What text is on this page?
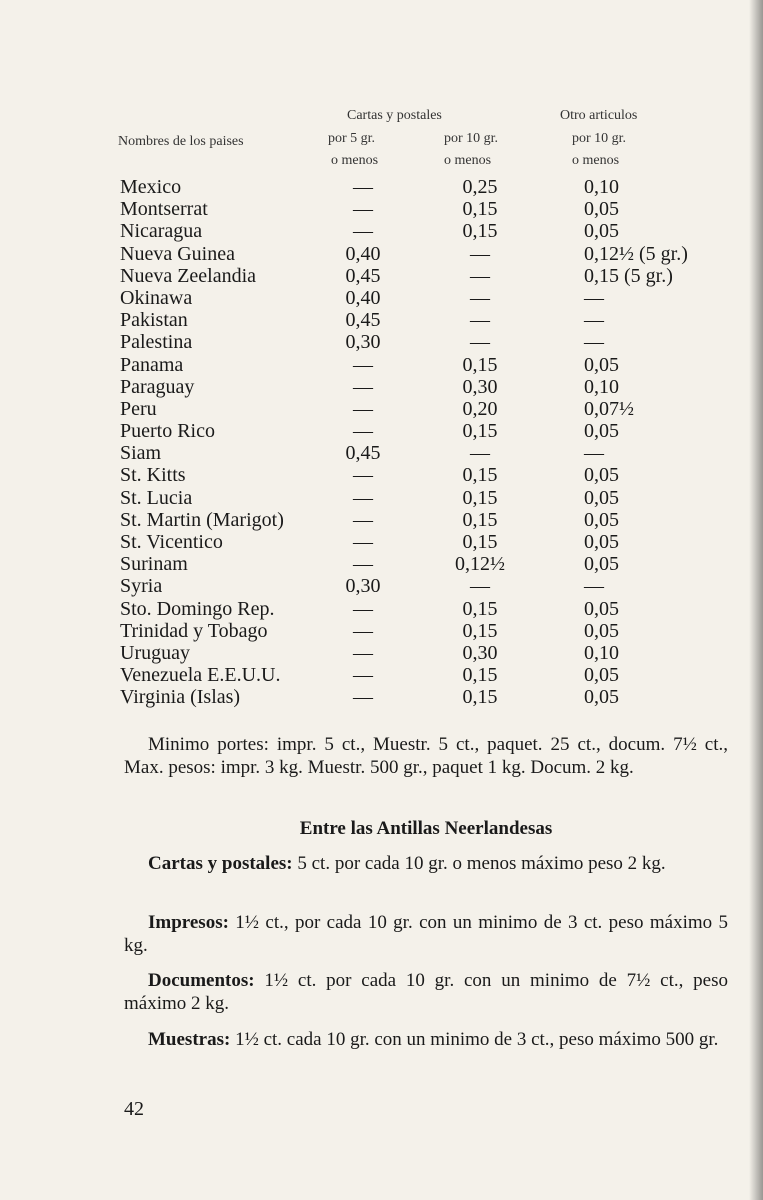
Cartas y postales	Otro articulos
Nombres de los paises	por 5 gr.	por 10 gr.	por 10 gr.
o menos	o menos	o menos
Mexico	—	0,25	0,10
Montserrat	—	0,15	0,05
Nicaragua	—	0,15	0,05
Nueva Guinea	0,40	—	0,12½ (5 gr.)
Nueva Zeelandia	0,45	—	0,15 (5 gr.)
Okinawa	0,40	—	—
Pakistan	0,45	—	—
Palestina	0,30	—	—
Panama	—	0,15	0,05
Paraguay	—	0,30	0,10
Peru	—	0,20	0,07½
Puerto Rico	—	0,15	0,05
Siam	0,45	—	—
St. Kitts	—	0,15	0,05
St. Lucia	—	0,15	0,05
St. Martin (Marigot)	—	0,15	0,05
St. Vicentico	—	0,15	0,05
Surinam	—	0,12½	0,05
Syria	0,30	—	—
Sto. Domingo Rep.	—	0,15	0,05
Trinidad y Tobago	—	0,15	0,05
Uruguay	—	0,30	0,10
Venezuela E.E.U.U.	—	0,15	0,05
Virginia (Islas)	—	0,15	0,05
Minimo portes: impr. 5 ct., Muestr. 5 ct., paquet. 25 ct., docum. 7½ ct., Max. pesos: impr. 3 kg. Muestr. 500 gr., paquet 1 kg. Docum. 2 kg.
Entre las Antillas Neerlandesas
Cartas y postales: 5 ct. por cada 10 gr. o menos máximo peso 2 kg.
Impresos: 1½ ct., por cada 10 gr. con un minimo de 3 ct. peso máximo 5 kg.
Documentos: 1½ ct. por cada 10 gr. con un minimo de 7½ ct., peso máximo 2 kg.
Muestras: 1½ ct. cada 10 gr. con un minimo de 3 ct., peso máximo 500 gr.
42
